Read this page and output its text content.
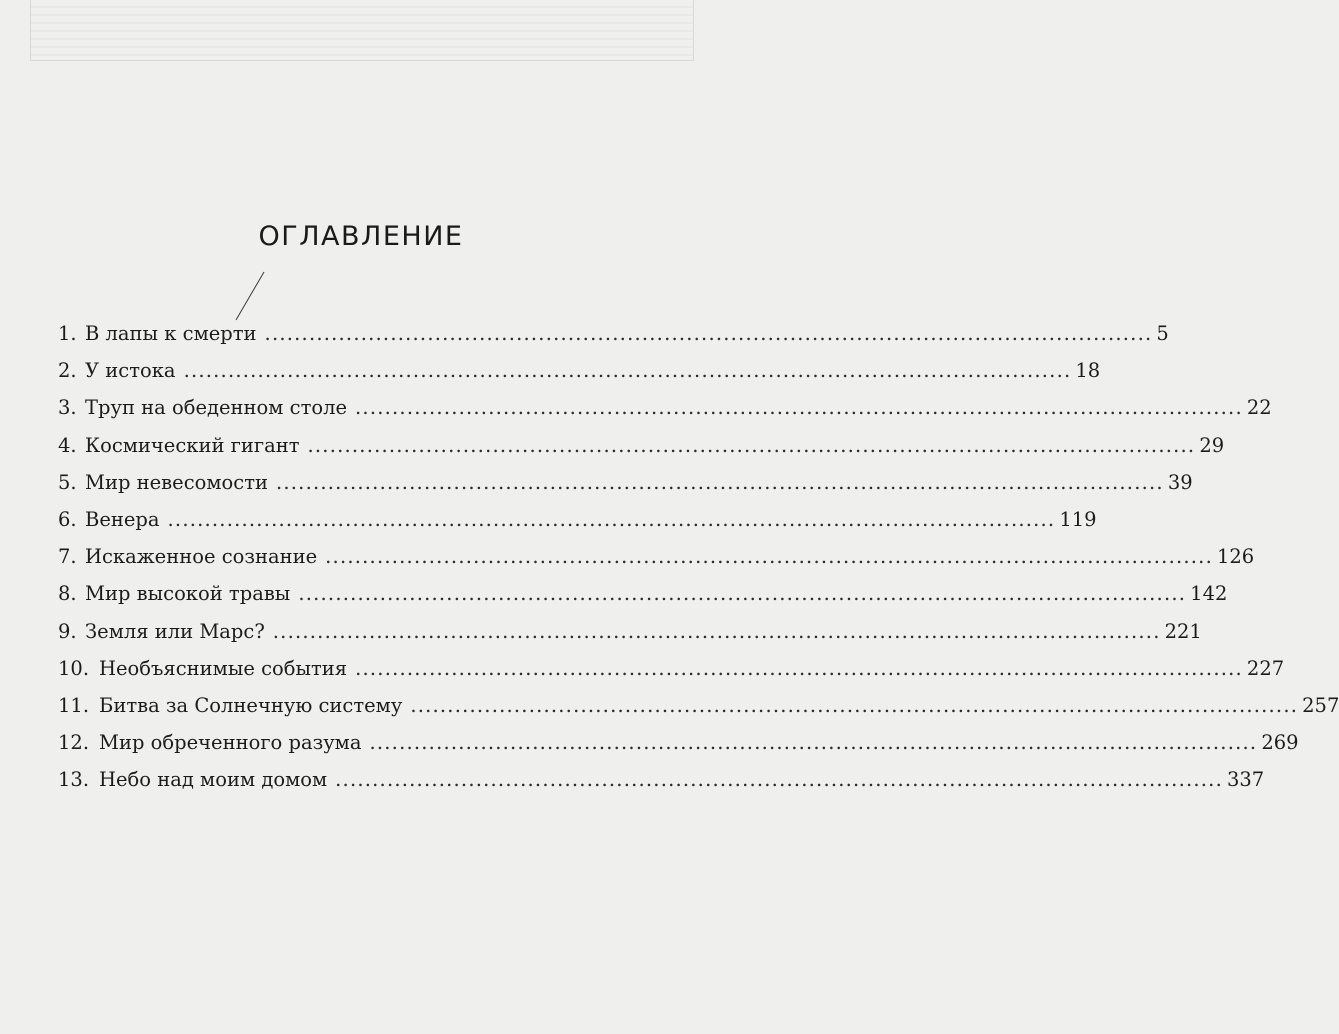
ОГЛАВЛЕНИЕ
1. В лапы к смерти ........................................................................................................................ 5
2. У истока ........................................................................................................................ 18
3. Труп на обеденном столе ........................................................................................................................ 22
4. Космический гигант ........................................................................................................................ 29
5. Мир невесомости ........................................................................................................................ 39
6. Венера ........................................................................................................................ 119
7. Искаженное сознание ........................................................................................................................ 126
8. Мир высокой травы ........................................................................................................................ 142
9. Земля или Марс? ........................................................................................................................ 221
10. Необъяснимые события ........................................................................................................................ 227
11. Битва за Солнечную систему ........................................................................................................................ 257
12. Мир обреченного разума ........................................................................................................................ 269
13. Небо над моим домом ........................................................................................................................ 337
